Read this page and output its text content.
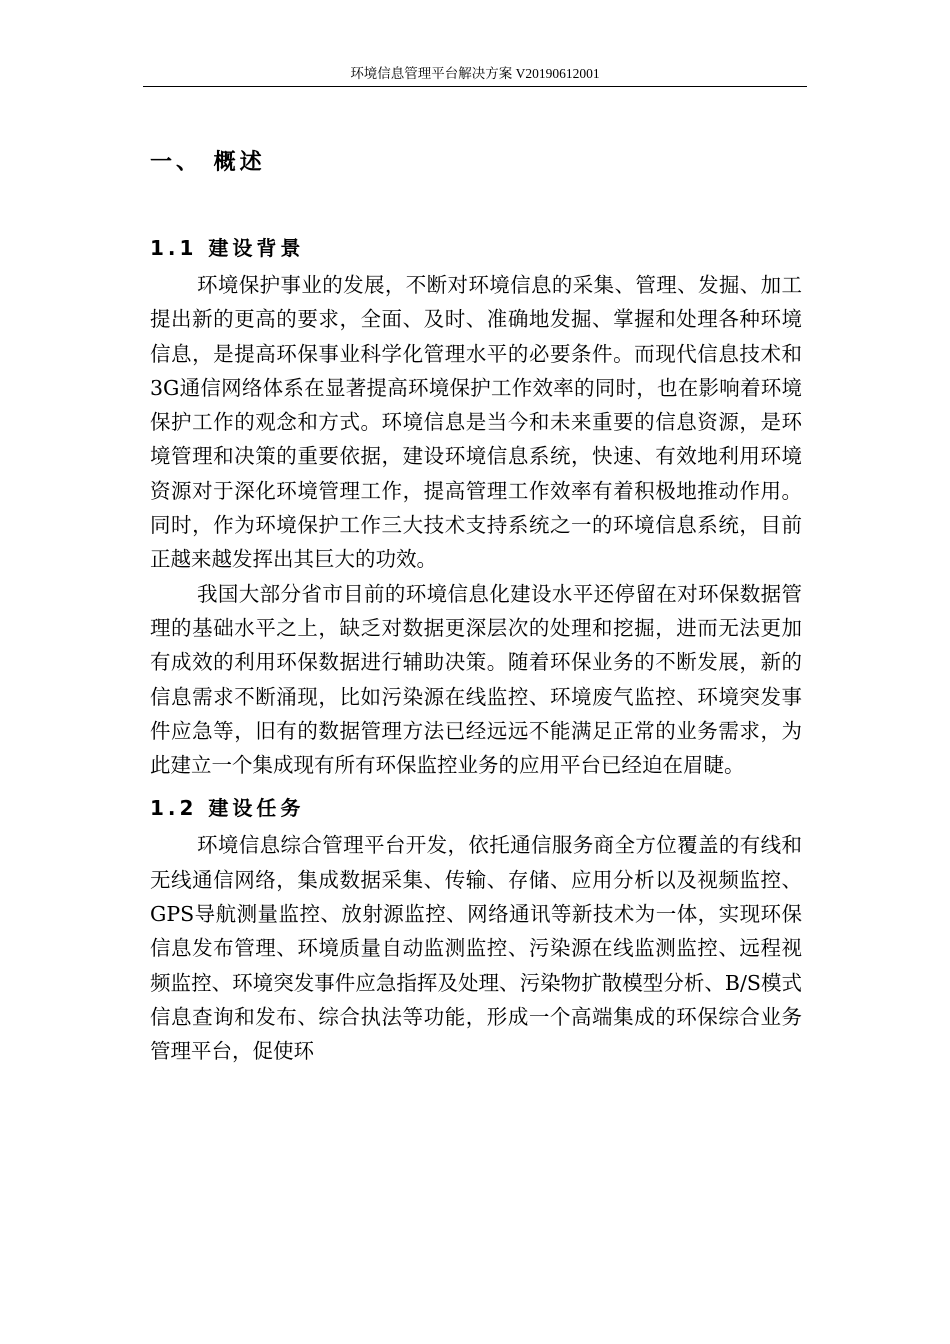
环境信息管理平台解决方案 V20190612001
一、 概述
1.1 建设背景

环境保护事业的发展，不断对环境信息的采集、管理、发掘、加工提出新的更高的要求，全面、及时、准确地发掘、掌握和处理各种环境信息，是提高环保事业科学化管理水平的必要条件。而现代信息技术和3G通信网络体系在显著提高环境保护工作效率的同时，也在影响着环境保护工作的观念和方式。环境信息是当今和未来重要的信息资源，是环境管理和决策的重要依据，建设环境信息系统，快速、有效地利用环境资源对于深化环境管理工作，提高管理工作效率有着积极地推动作用。同时，作为环境保护工作三大技术支持系统之一的环境信息系统，目前正越来越发挥出其巨大的功效。

我国大部分省市目前的环境信息化建设水平还停留在对环保数据管理的基础水平之上，缺乏对数据更深层次的处理和挖掘，进而无法更加有成效的利用环保数据进行辅助决策。随着环保业务的不断发展，新的信息需求不断涌现，比如污染源在线监控、环境废气监控、环境突发事件应急等，旧有的数据管理方法已经远远不能满足正常的业务需求，为此建立一个集成现有所有环保监控业务的应用平台已经迫在眉睫。

1.2 建设任务

环境信息综合管理平台开发，依托通信服务商全方位覆盖的有线和无线通信网络，集成数据采集、传输、存储、应用分析以及视频监控、GPS导航测量监控、放射源监控、网络通讯等新技术为一体，实现环保信息发布管理、环境质量自动监测监控、污染源在线监测监控、远程视频监控、环境突发事件应急指挥及处理、污染物扩散模型分析、B/S模式信息查询和发布、综合执法等功能，形成一个高端集成的环保综合业务管理平台，促使环
